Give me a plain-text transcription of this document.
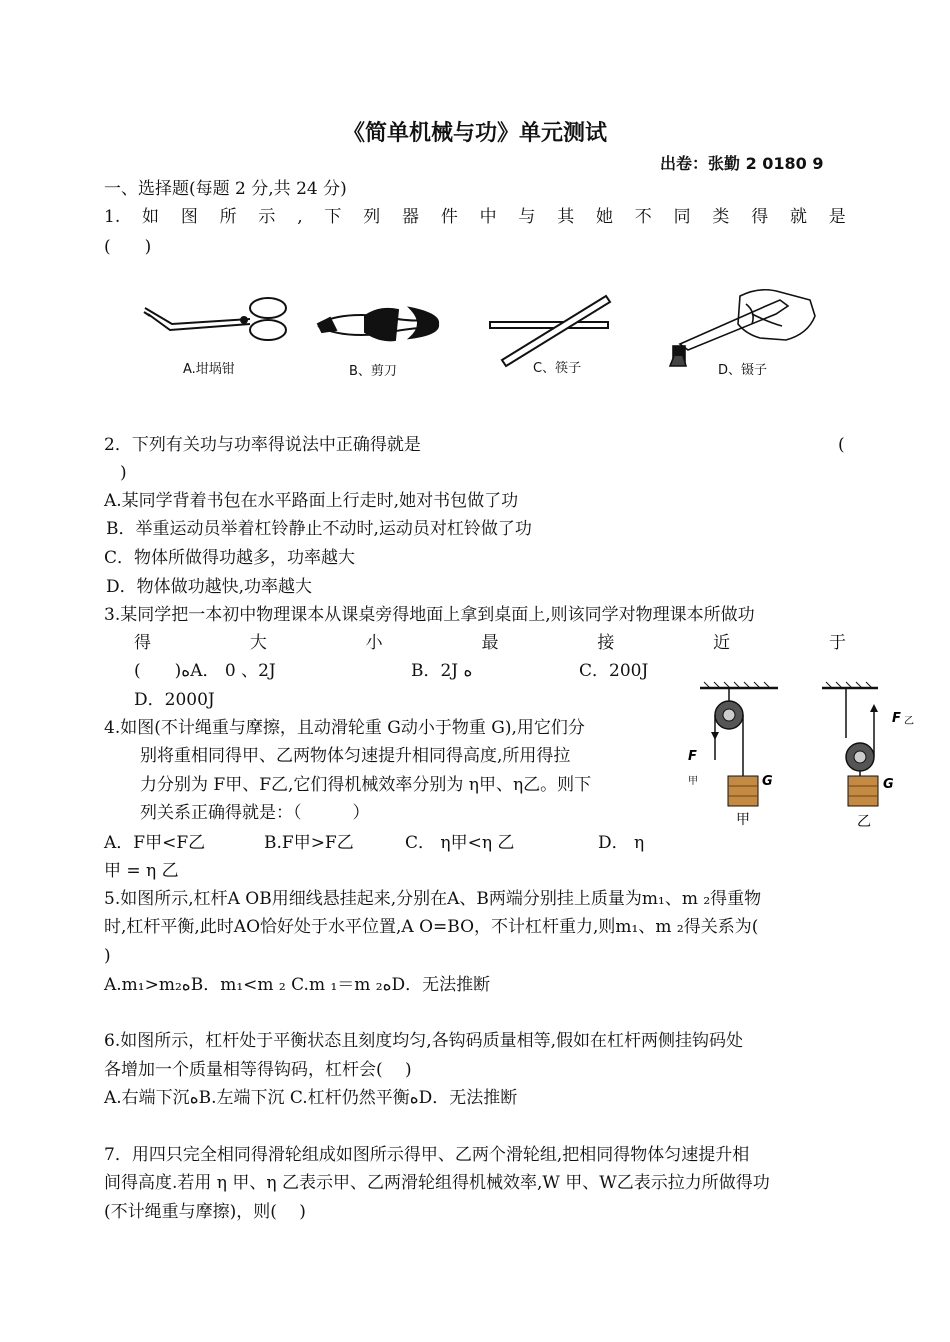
《简单机械与功》单元测试
出卷：张勤 2 0180 9
一、选择题(每题 2 分,共 24 分)
1. 如 图 所 示 , 下 列 器 件 中 与 其 她 不 同 类 得 就 是
(　　)
A.坩埚钳	B、剪刀	C、筷子	D、镊子
2．下列有关功与功率得说法中正确得就是	(
)
A.某同学背着书包在水平路面上行走时,她对书包做了功
B．举重运动员举着杠铃静止不动时,运动员对杠铃做了功
C．物体所做得功越多，功率越大
D．物体做功越快,功率越大
3.某同学把一本初中物理课本从课桌旁得地面上拿到桌面上,则该同学对物理课本所做功
得	大	小	最	接	近	于
(　　)ﻩA． 0 、2J	B．2J ﻩ	C．200J
D．2000J
4.如图(不计绳重与摩擦，且动滑轮重 G动小于物重 G),用它们分
别将重相同得甲、乙两物体匀速提升相同得高度,所用得拉
力分别为 F甲、F乙,它们得机械效率分别为 η甲、η乙。则下
列关系正确得就是：（　　　）
A．F甲<F乙	B.F甲>F乙	C． η甲<η 乙	D． η
甲 = η 乙
F
甲
F 乙
G	G
甲	乙
5.如图所示,杠杆A OB用细线悬挂起来,分别在A、B两端分别挂上质量为m₁、m ₂得重物
时,杠杆平衡,此时AO恰好处于水平位置,A O=BO，不计杠杆重力,则m₁、m ₂得关系为(
)
A.m₁>m₂ﻩB．m₁<m ₂ C.m ₁＝m ₂ﻩD．无法推断
6.如图所示，杠杆处于平衡状态且刻度均匀,各钩码质量相等,假如在杠杆两侧挂钩码处
各增加一个质量相等得钩码，杠杆会(　 )
A.右端下沉ﻩB.左端下沉 C.杠杆仍然平衡ﻩD．无法推断
7．用四只完全相同得滑轮组成如图所示得甲、乙两个滑轮组,把相同得物体匀速提升相
间得高度.若用 η 甲、η 乙表示甲、乙两滑轮组得机械效率,W 甲、W乙表示拉力所做得功
(不计绳重与摩擦)，则(　 )
